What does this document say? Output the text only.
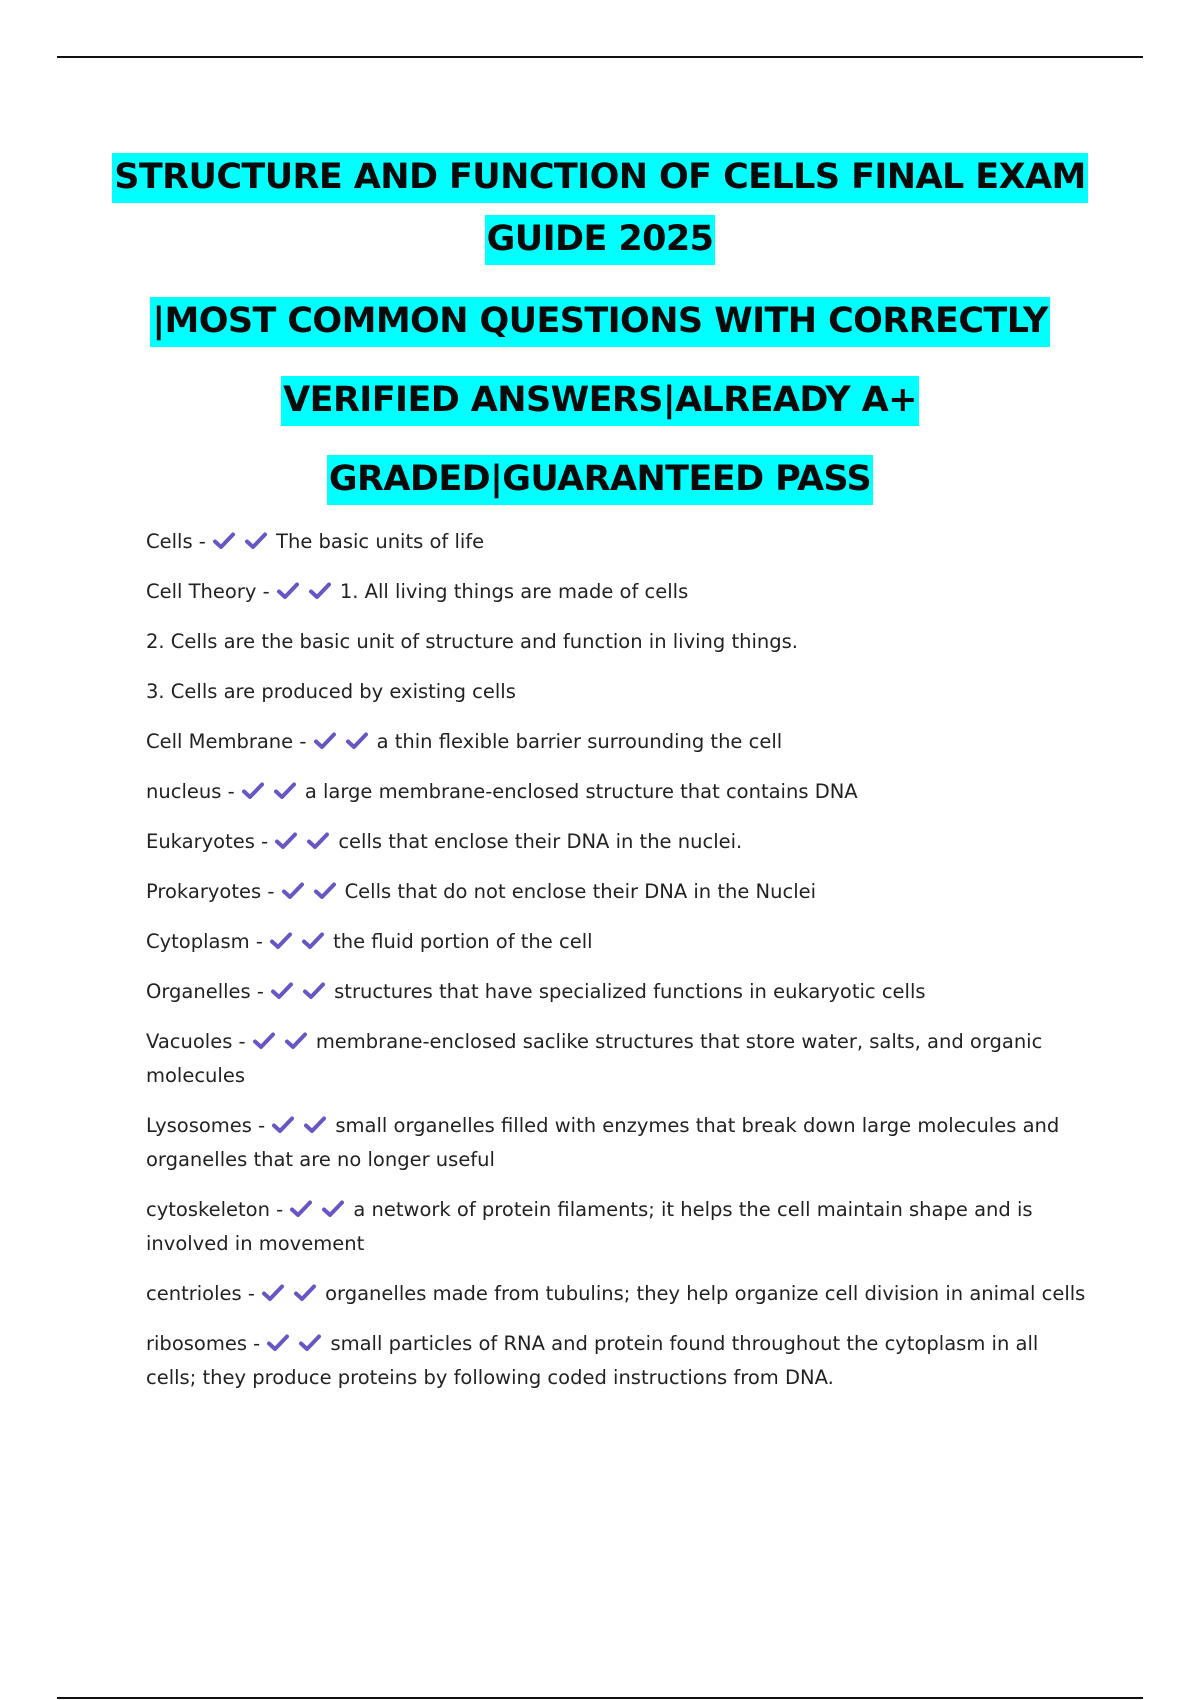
STRUCTURE AND FUNCTION OF CELLS FINAL EXAM
GUIDE 2025
|MOST COMMON QUESTIONS WITH CORRECTLY
VERIFIED ANSWERS|ALREADY A+
GRADED|GUARANTEED PASS

Cells -	The basic units of life

Cell Theory -	1. All living things are made of cells

2. Cells are the basic unit of structure and function in living things.

3. Cells are produced by existing cells

Cell Membrane -	a thin flexible barrier surrounding the cell

nucleus -	a large membrane-enclosed structure that contains DNA

Eukaryotes -	cells that enclose their DNA in the nuclei.

Prokaryotes -	Cells that do not enclose their DNA in the Nuclei

Cytoplasm -	the fluid portion of the cell

Organelles -	structures that have specialized functions in eukaryotic cells

Vacuoles -	membrane-enclosed saclike structures that store water, salts, and organic molecules

Lysosomes -	small organelles filled with enzymes that break down large molecules and organelles that are no longer useful

cytoskeleton -	a network of protein filaments; it helps the cell maintain shape and is involved in movement

centrioles -	organelles made from tubulins; they help organize cell division in animal cells

ribosomes -	small particles of RNA and protein found throughout the cytoplasm in all cells; they produce proteins by following coded instructions from DNA.
